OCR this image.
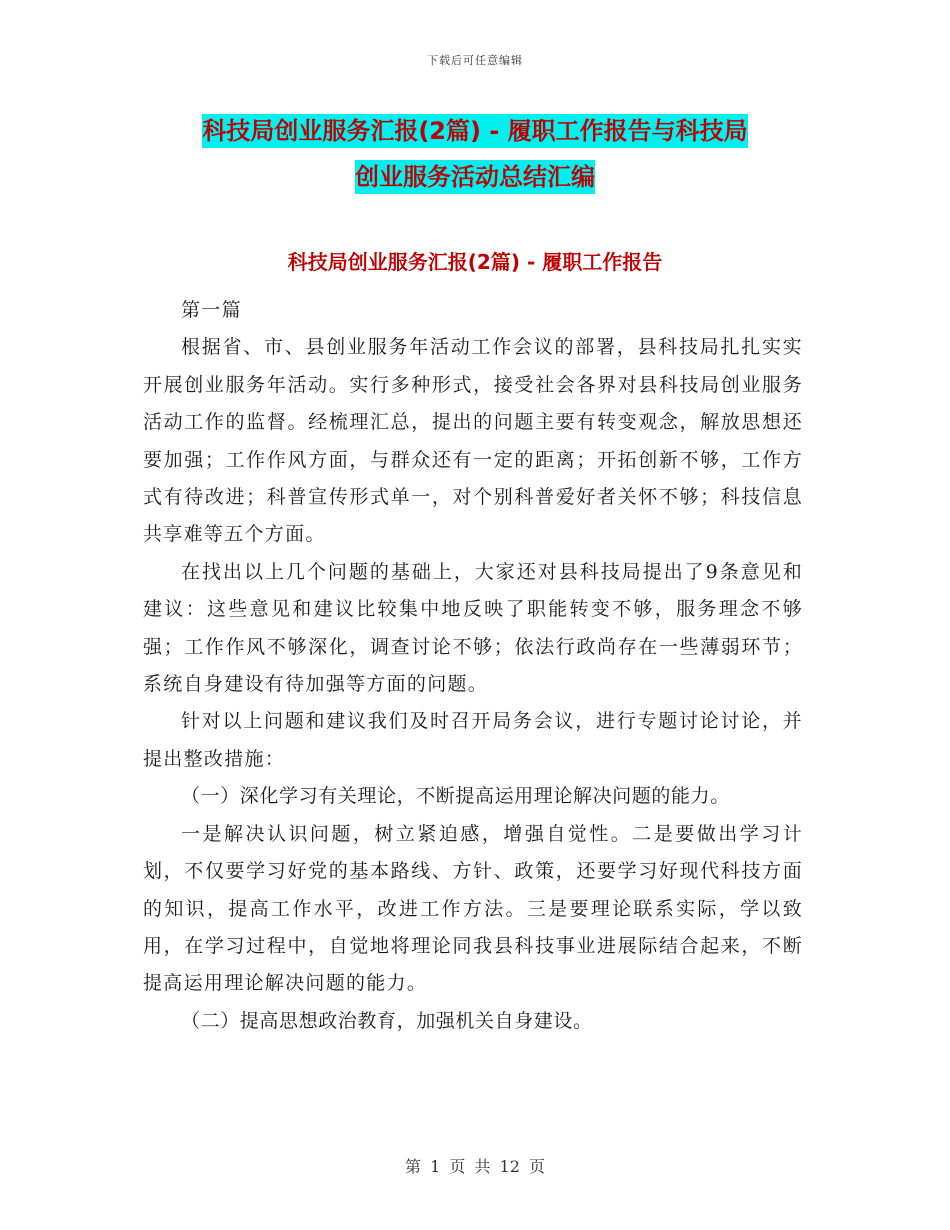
下载后可任意编辑
科技局创业服务汇报(2篇) - 履职工作报告与科技局
创业服务活动总结汇编
科技局创业服务汇报(2篇) - 履职工作报告

第一篇

根据省、市、县创业服务年活动工作会议的部署，县科技局扎扎实实开展创业服务年活动。实行多种形式，接受社会各界对县科技局创业服务活动工作的监督。经梳理汇总，提出的问题主要有转变观念，解放思想还要加强；工作作风方面，与群众还有一定的距离；开拓创新不够，工作方式有待改进；科普宣传形式单一，对个别科普爱好者关怀不够；科技信息共享难等五个方面。

在找出以上几个问题的基础上，大家还对县科技局提出了9条意见和建议：这些意见和建议比较集中地反映了职能转变不够，服务理念不够强；工作作风不够深化，调查讨论不够；依法行政尚存在一些薄弱环节；系统自身建设有待加强等方面的问题。

针对以上问题和建议我们及时召开局务会议，进行专题讨论讨论，并提出整改措施：

（一）深化学习有关理论，不断提高运用理论解决问题的能力。

一是解决认识问题，树立紧迫感，增强自觉性。二是要做出学习计划，不仅要学习好党的基本路线、方针、政策，还要学习好现代科技方面的知识，提高工作水平，改进工作方法。三是要理论联系实际，学以致用，在学习过程中，自觉地将理论同我县科技事业进展际结合起来，不断提高运用理论解决问题的能力。

（二）提高思想政治教育，加强机关自身建设。

第 1 页 共 12 页
